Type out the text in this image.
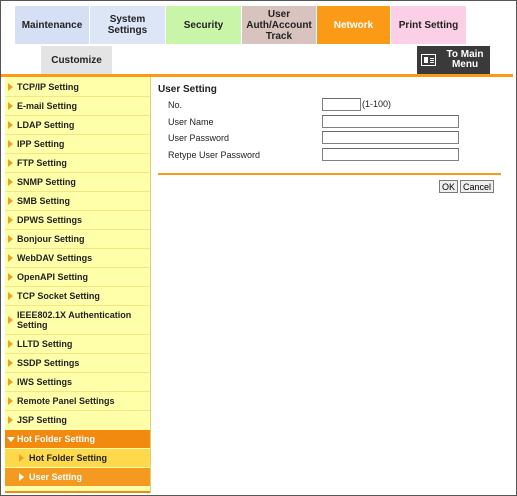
Maintenance	System Settings	Security
User Auth/Account Track
Network	Print Setting
Customize	To Main Menu
TCP/IP Setting
E-mail Setting
LDAP Setting
IPP Setting
FTP Setting
SNMP Setting
SMB Setting
DPWS Settings
Bonjour Setting
WebDAV Settings
OpenAPI Setting
TCP Socket Setting
IEEE802.1X Authentication Setting
LLTD Setting
SSDP Settings
IWS Settings
Remote Panel Settings
JSP Setting
Hot Folder Setting
Hot Folder Setting
User Setting
User Setting
No.	(1-100)
User Name
User Password
Retype User Password
OK Cancel
